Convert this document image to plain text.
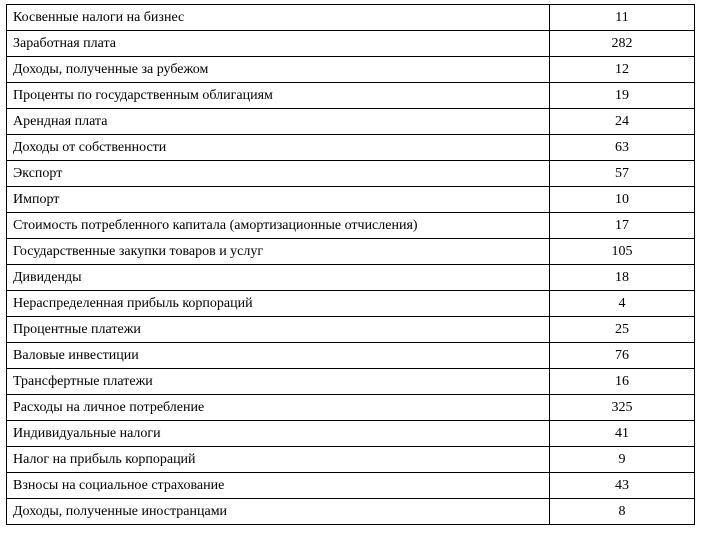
Косвенные налоги на бизнес	11
Заработная плата	282
Доходы, полученные за рубежом	12
Проценты по государственным облигациям	19
Арендная плата	24
Доходы от собственности	63
Экспорт	57
Импорт	10
Стоимость потребленного капитала (амортизационные отчисления)	17
Государственные закупки товаров и услуг	105
Дивиденды	18
Нераспределенная прибыль корпораций	4
Процентные платежи	25
Валовые инвестиции	76
Трансфертные платежи	16
Расходы на личное потребление	325
Индивидуальные налоги	41
Налог на прибыль корпораций	9
Взносы на социальное страхование	43
Доходы, полученные иностранцами	8
